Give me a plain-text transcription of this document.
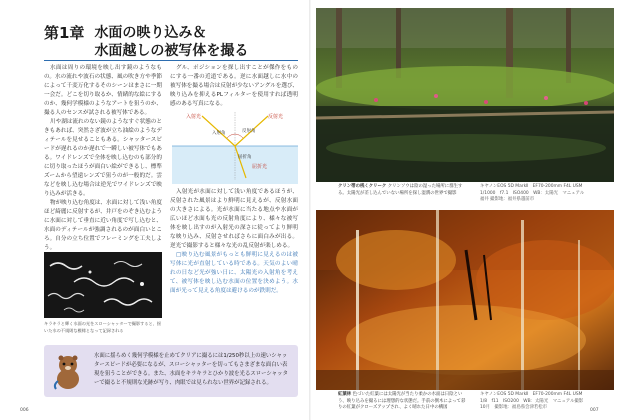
第1章 水面の映り込み＆
水面越しの被写体を撮る

水面は周りの環境を映し出す鏡のようなもの。水の流れや波石の状態、風の吹き方や季節によって千変万化するそのシーンはまさに一期一会だ。どこを切り取るか、情緒的な絵にするのか、幾何学模様のようなアートを狙うのか、撮る人のセンスが試される被写体である。

川や湖は流れのない鏡のようなすぐ状態のときもあれば、突然さざ波が立ち油絵のようなディテールを見せることもある。シャッタースピードが遅れるのか遅れで一瞬しい被写体でもある。ワイドレンズで全体を映し込むのも部分的に切り取ったほうが面白い絵ができるし、標準ズームから望遠レンズで狙うのが一般的だ。雲などを映し込む場合は逆光でワイドレンズで映り込みが活きる。

物が映り込む角度は、水面に対して浅い角度ほど綺麗に反射するが、井戸をのぞき込むように水面に対して垂直に近い角度で写し込むと、水面のディテールが強調されるのが面白いところ。自分の立ち位置でフレーミングを工夫しよう。

グル、ポジションを探し出すことが傑作をものにする一番の近道である。逆に水面越しに水中の被写体を撮る場合は反射が少ないアングルを選び、映り込みを抑えるPLフィルターを使用すれば透明感のある写真になる。

入射光	反射光
入射角	反射角
屈折光
屈折角

入射光が水面に対して浅い角度であるほうが、反射された風景はより鮮明に見えるが、反射水面の大きさによる。光が水面に当たる地点や水面が広いほど水面も光の反射角度により、様々な被写体を映し出すのが入射光の深さに従ってより鮮明な映り込み、反射させればさらに面白みが出る。逆光で撮影すると様々な光の乱反射が楽しめる。

□映り込む風景がもっとも鮮明に見えるのは被写体に光が直射している時である。天気のよい晴れの日など光が強い日に、太陽光の入射角を考えて、被写体を映し込む水面の位置を決めよう。水面が光って見える角度は避けるのが鉄則だ。

キラキラと輝く水面の光をスローシャッターで撮影すると、揺いた水の不規則な模様となって記録される
水面に揺らめく幾何学模様を止めてクリアに撮るには1/250秒以上の速いシャッタースピードが必要になるが、スローシャッターを切ってもさまざまな面白い表現を狙うことができる。また、水面をキラキラとひかり波を光るスローシャッターで撮ると不規則な光跡が写り、肉眼では見られない世界が記録される。
006
クリン帯の桟くクリーク クリンソウは陰の湿った場所に群生する。太陽光が差し込んでいない場所を探し湿潤の世界で撮影
キヤノンEOS 5D MarkⅡ　EF70-200mm F4L USM
1/1000　f7.1　ISO400　WB：太陽光　マニュアル
福井 撮影地：福井県越前市
紅葉林 色づいた紅葉には太陽光が当たり柔かの水面は日陰という、映り込みを撮るには理想的な状態だ。手前の倒木によって彩りの紅葉がクローズアップされ、よく晴れた日中の構図
キヤノンEOS 5D MarkⅡ　EF70-200mm F4L USM
1/8　f11　ISO200　WB：太陽光　マニュアル撮影
10月　撮影地：福島県会津若松市
007
